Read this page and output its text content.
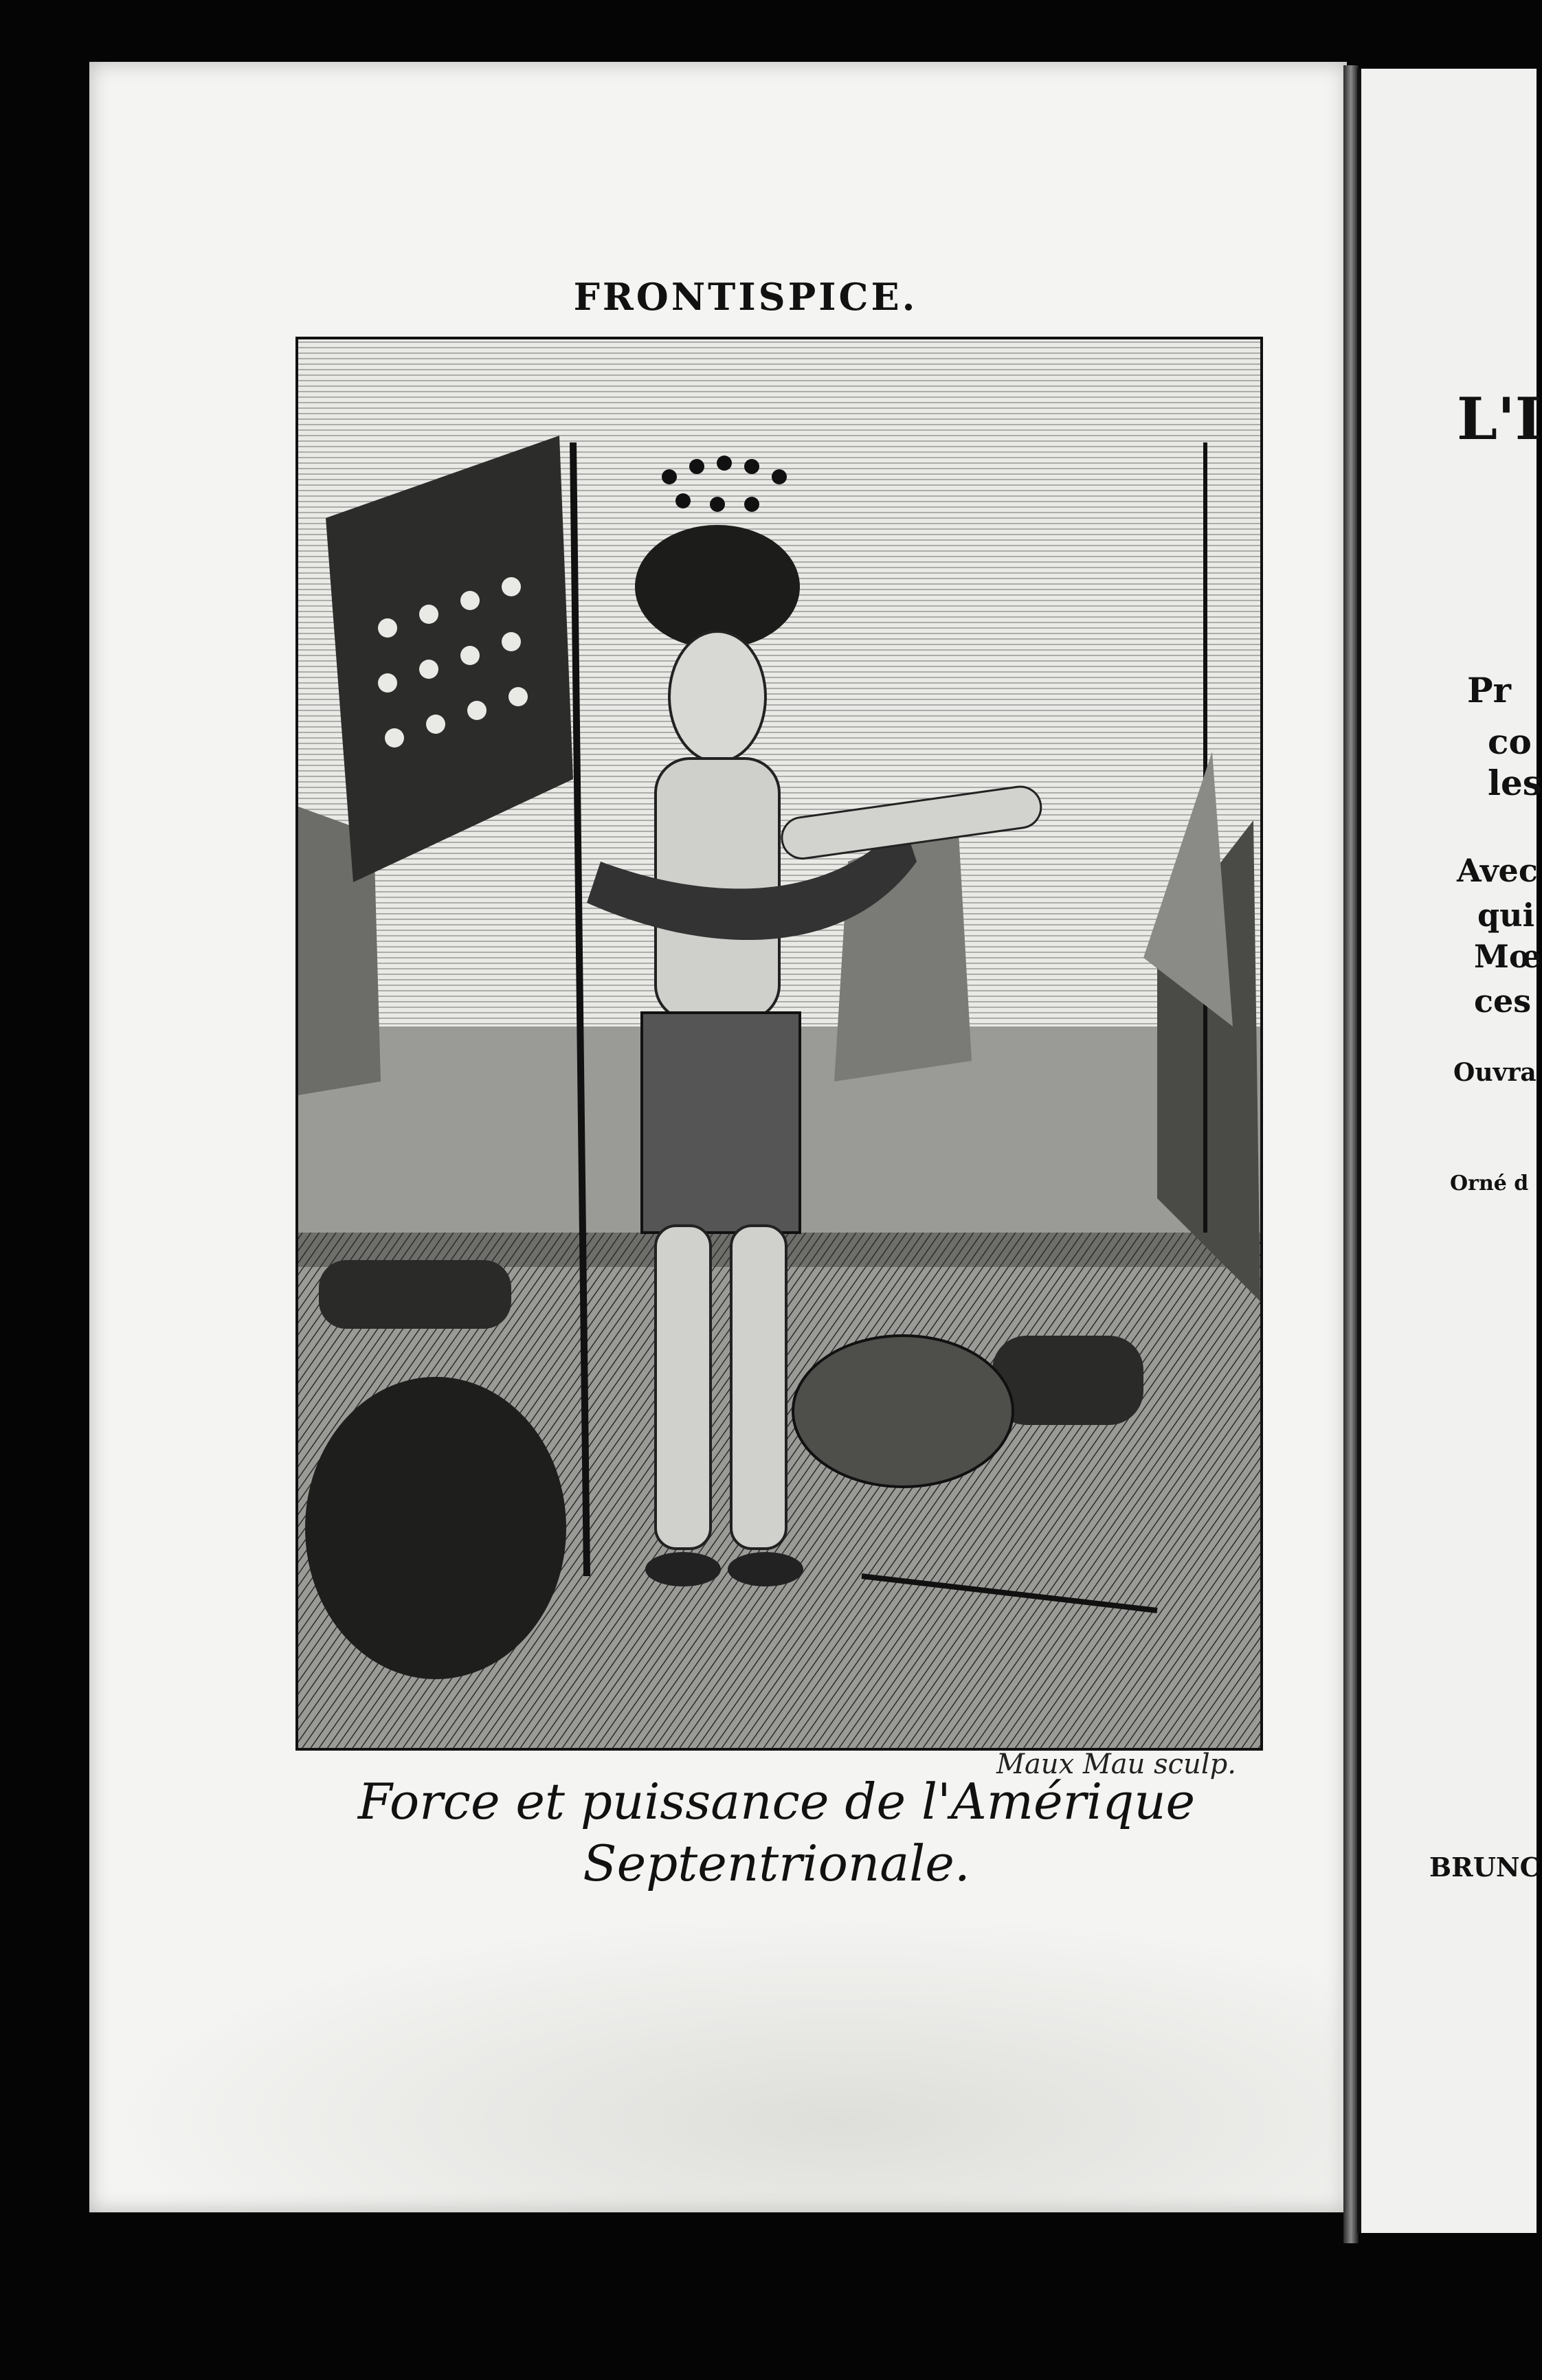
FRONTISPICE.
Maux Mau sculp.
Force et puissance de l'Amérique
Septentrionale.
L'I
Pr
co
les
Avec
qui
Mœ
ces
Ouvra
Orné d
BRUNC
